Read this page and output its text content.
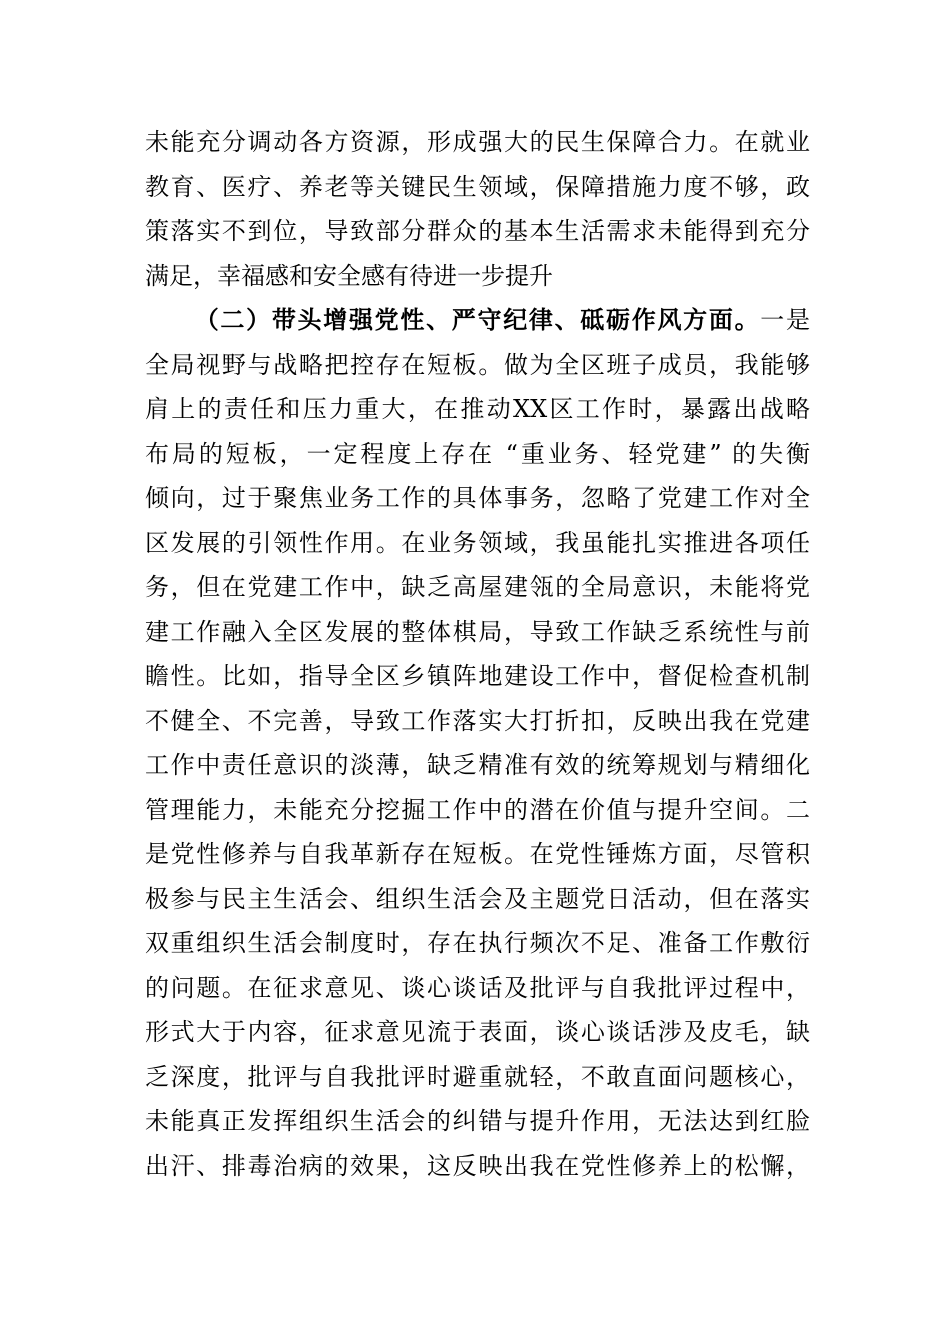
未能充分调动各方资源，形成强大的民生保障合力。在就业
教育、医疗、养老等关键民生领域，保障措施力度不够，政
策落实不到位，导致部分群众的基本生活需求未能得到充分
满足，幸福感和安全感有待进一步提升
（二）带头增强党性、严守纪律、砥砺作风方面。一是
全局视野与战略把控存在短板。做为全区班子成员，我能够
肩上的责任和压力重大，在推动XX区工作时，暴露出战略
布局的短板，一定程度上存在 “重业务、轻党建” 的失衡
倾向，过于聚焦业务工作的具体事务，忽略了党建工作对全
区发展的引领性作用。在业务领域，我虽能扎实推进各项任
务，但在党建工作中，缺乏高屋建瓴的全局意识，未能将党
建工作融入全区发展的整体棋局，导致工作缺乏系统性与前
瞻性。比如，指导全区乡镇阵地建设工作中，督促检查机制
不健全、不完善，导致工作落实大打折扣，反映出我在党建
工作中责任意识的淡薄，缺乏精准有效的统筹规划与精细化
管理能力，未能充分挖掘工作中的潜在价值与提升空间。二
是党性修养与自我革新存在短板。在党性锤炼方面，尽管积
极参与民主生活会、组织生活会及主题党日活动，但在落实
双重组织生活会制度时，存在执行频次不足、准备工作敷衍
的问题。在征求意见、谈心谈话及批评与自我批评过程中，
形式大于内容，征求意见流于表面，谈心谈话涉及皮毛，缺
乏深度，批评与自我批评时避重就轻，不敢直面问题核心，
未能真正发挥组织生活会的纠错与提升作用，无法达到红脸
出汗、排毒治病的效果，这反映出我在党性修养上的松懈，
